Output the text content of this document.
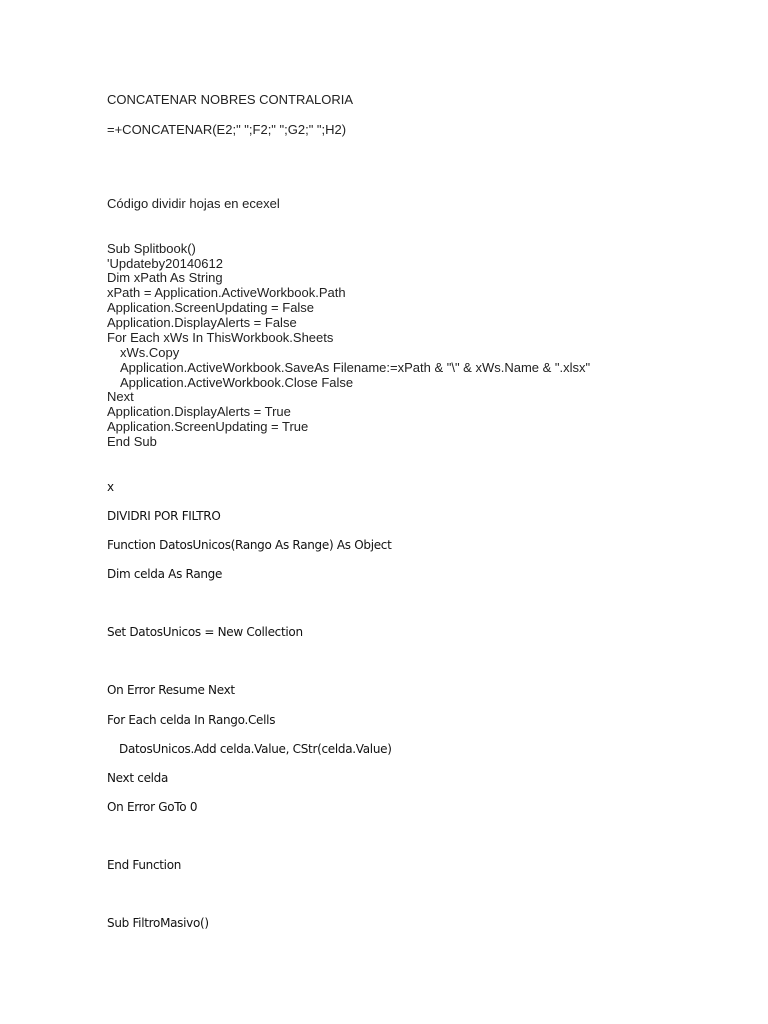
CONCATENAR NOBRES CONTRALORIA
=+CONCATENAR(E2;" ";F2;" ";G2;" ";H2)
Código dividir hojas en ecexel
Sub Splitbook()
'Updateby20140612
Dim xPath As String
xPath = Application.ActiveWorkbook.Path
Application.ScreenUpdating = False
Application.DisplayAlerts = False
For Each xWs In ThisWorkbook.Sheets
xWs.Copy
Application.ActiveWorkbook.SaveAs Filename:=xPath & "\" & xWs.Name & ".xlsx"
Application.ActiveWorkbook.Close False
Next
Application.DisplayAlerts = True
Application.ScreenUpdating = True
End Sub
x
DIVIDRI POR FILTRO
Function DatosUnicos(Rango As Range) As Object
Dim celda As Range
Set DatosUnicos = New Collection
On Error Resume Next
For Each celda In Rango.Cells
DatosUnicos.Add celda.Value, CStr(celda.Value)
Next celda
On Error GoTo 0
End Function
Sub FiltroMasivo()
